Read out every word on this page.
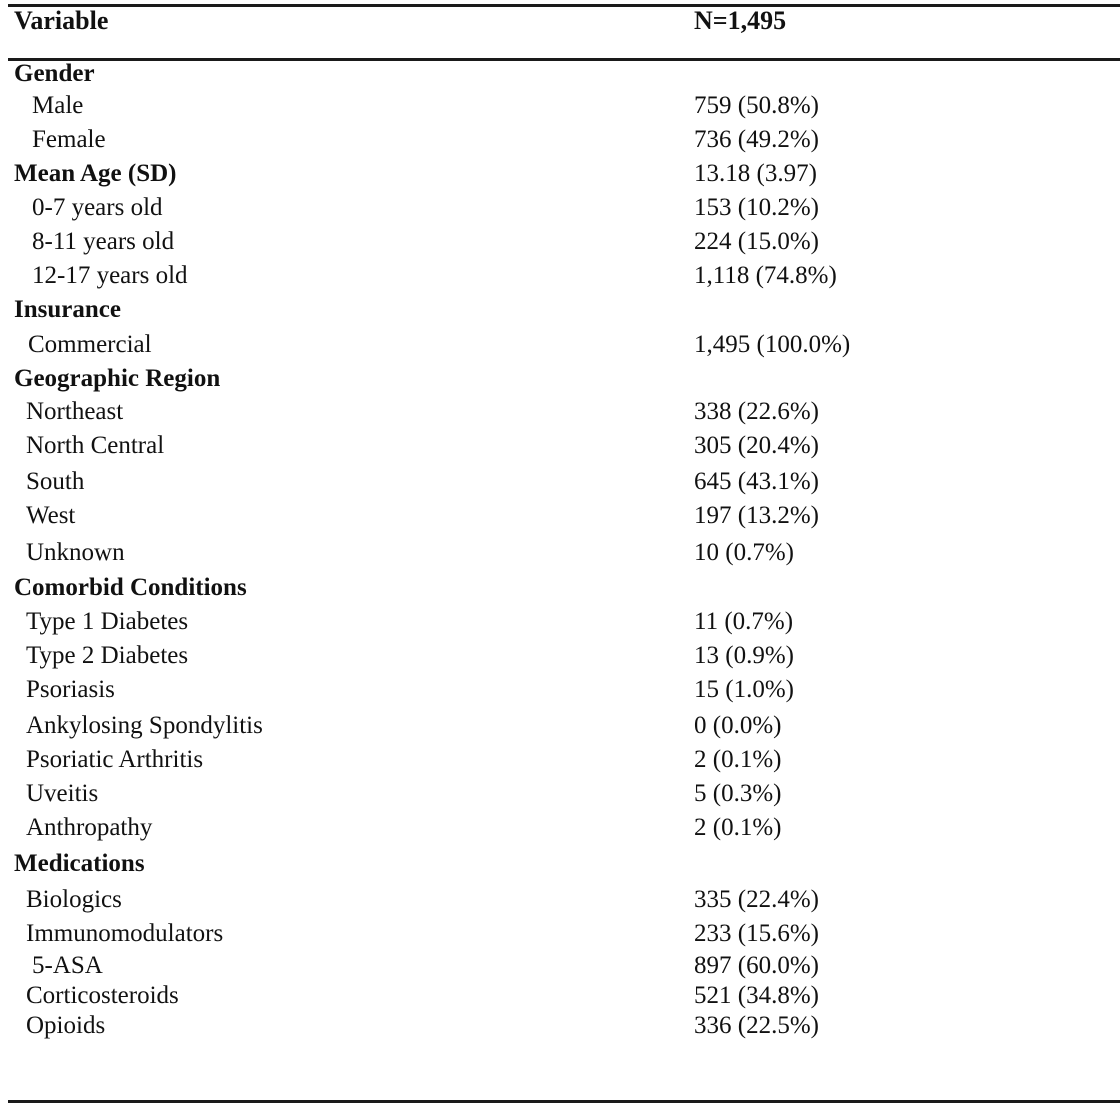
Variable	N=1,495
Gender
Male	759 (50.8%)
Female	736 (49.2%)
Mean Age (SD)	13.18 (3.97)
0-7 years old	153 (10.2%)
8-11 years old	224 (15.0%)
12-17 years old	1,118 (74.8%)
Insurance
Commercial	1,495 (100.0%)
Geographic Region
Northeast	338 (22.6%)
North Central	305 (20.4%)
South	645 (43.1%)
West	197 (13.2%)
Unknown	10 (0.7%)
Comorbid Conditions
Type 1 Diabetes	11 (0.7%)
Type 2 Diabetes	13 (0.9%)
Psoriasis	15 (1.0%)
Ankylosing Spondylitis	0 (0.0%)
Psoriatic Arthritis	2 (0.1%)
Uveitis	5 (0.3%)
Anthropathy	2 (0.1%)
Medications
Biologics	335 (22.4%)
Immunomodulators	233 (15.6%)
5-ASA	897 (60.0%)
Corticosteroids	521 (34.8%)
Opioids	336 (22.5%)
